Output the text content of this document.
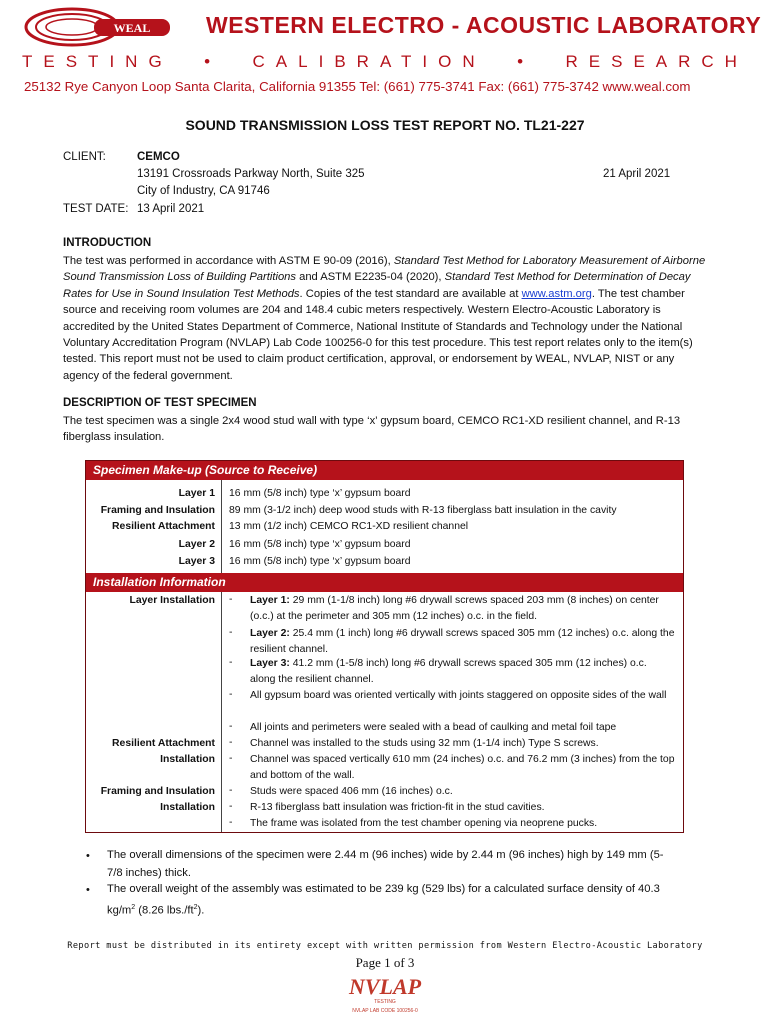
WEAL WESTERN ELECTRO - ACOUSTIC LABORATORY
TESTING • CALIBRATION • RESEARCH
25132 Rye Canyon Loop Santa Clarita, California 91355 Tel: (661) 775-3741 Fax: (661) 775-3742 www.weal.com
SOUND TRANSMISSION LOSS TEST REPORT NO. TL21-227
CLIENT:	CEMCO
13191 Crossroads Parkway North, Suite 325	21 April 2021
City of Industry, CA 91746
TEST DATE: 13 April 2021
INTRODUCTION
The test was performed in accordance with ASTM E 90-09 (2016), Standard Test Method for Laboratory Measurement of Airborne Sound Transmission Loss of Building Partitions and ASTM E2235-04 (2020), Standard Test Method for Determination of Decay Rates for Use in Sound Insulation Test Methods. Copies of the test standard are available at www.astm.org. The test chamber source and receiving room volumes are 204 and 148.4 cubic meters respectively. Western Electro-Acoustic Laboratory is accredited by the United States Department of Commerce, National Institute of Standards and Technology under the National Voluntary Accreditation Program (NVLAP) Lab Code 100256-0 for this test procedure. This test report relates only to the item(s) tested. This report must not be used to claim product certification, approval, or endorsement by WEAL, NVLAP, NIST or any agency of the federal government.
DESCRIPTION OF TEST SPECIMEN
The test specimen was a single 2x4 wood stud wall with type ‘x’ gypsum board, CEMCO RC1-XD resilient channel, and R-13 fiberglass insulation.
Specimen Make-up (Source to Receive)
Layer 1 16 mm (5/8 inch) type ‘x’ gypsum board
Framing and Insulation 89 mm (3-1/2 inch) deep wood studs with R-13 fiberglass batt insulation in the cavity
Resilient Attachment 13 mm (1/2 inch) CEMCO RC1-XD resilient channel
Layer 2 16 mm (5/8 inch) type ‘x’ gypsum board
Layer 3 16 mm (5/8 inch) type ‘x’ gypsum board
Installation Information
Layer Installation - Layer 1: 29 mm (1-1/8 inch) long #6 drywall screws spaced 203 mm (8 inches) on center (o.c.) at the perimeter and 305 mm (12 inches) o.c. in the field.
- Layer 2: 25.4 mm (1 inch) long #6 drywall screws spaced 305 mm (12 inches) o.c. along the resilient channel.
- Layer 3: 41.2 mm (1-5/8 inch) long #6 drywall screws spaced 305 mm (12 inches) o.c. along the resilient channel.
- All gypsum board was oriented vertically with joints staggered on opposite sides of the wall
- All joints and perimeters were sealed with a bead of caulking and metal foil tape
Resilient Attachment
Installation
- Channel was installed to the studs using 32 mm (1-1/4 inch) Type S screws.
- Channel was spaced vertically 610 mm (24 inches) o.c. and 76.2 mm (3 inches) from the top and bottom of the wall.
Framing and Insulation
Installation
- Studs were spaced 406 mm (16 inches) o.c.
- R-13 fiberglass batt insulation was friction-fit in the stud cavities.
- The frame was isolated from the test chamber opening via neoprene pucks.
• The overall dimensions of the specimen were 2.44 m (96 inches) wide by 2.44 m (96 inches) high by 149 mm (5-7/8 inches) thick.
• The overall weight of the assembly was estimated to be 239 kg (529 lbs) for a calculated surface density of 40.3 $kg/m^2$ (8.26 $lbs./ft^2$).
Report must be distributed in its entirety except with written permission from Western Electro-Acoustic Laboratory
Page 1 of 3
NVLAP
TESTING
NVLAP LAB CODE 100256-0
